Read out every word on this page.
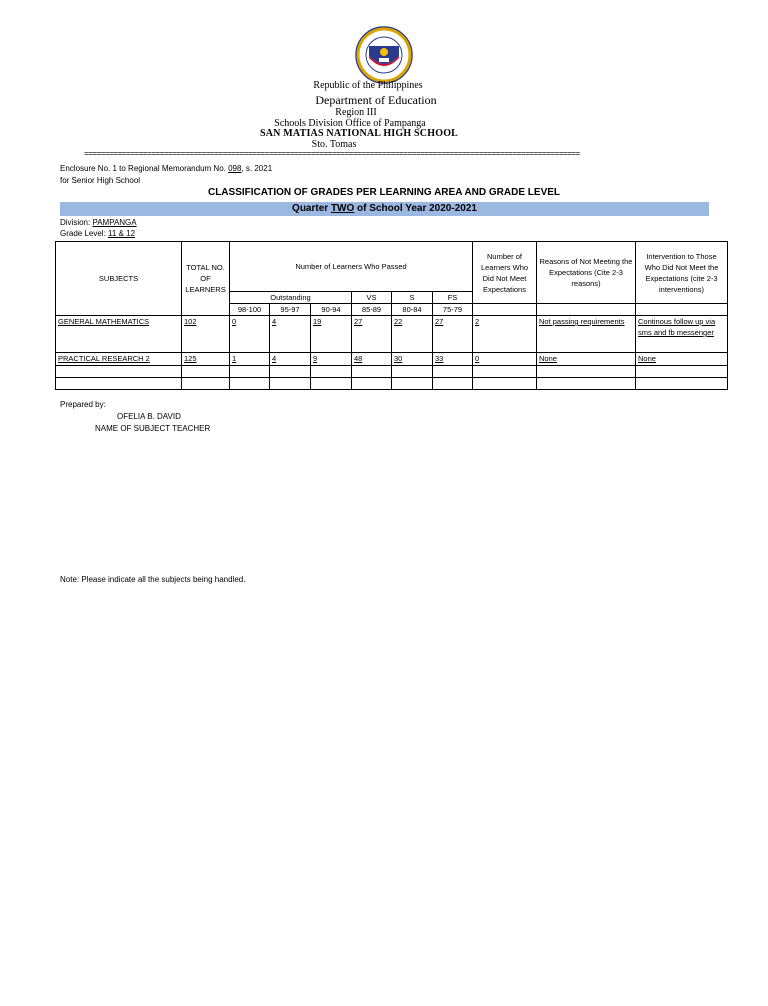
Republic of the Philippines
Department of Education
Region III
Schools Division Office of Pampanga
SAN MATIAS NATIONAL HIGH SCHOOL
Sto. Tomas
======================================================================================================================
Enclosure No. 1 to Regional Memorandum No. 098, s. 2021
for Senior High School
CLASSIFICATION OF GRADES PER LEARNING AREA AND GRADE LEVEL
Quarter TWO of School Year 2020-2021
Division: PAMPANGA
Grade Level: 11 & 12
SUBJECTS	TOTAL NO. OF LEARNERS	Number of Learners Who Passed						Number of Learners Who Did Not Meet Expectations	Reasons of Not Meeting the Expectations (Cite 2-3 reasons)	Intervention to Those Who Did Not Meet the Expectations (cite 2-3 interventions)
		Outstanding			VS	S	FS			
		98-100	95-97	90-94	85-89	80-84	75-79			
GENERAL MATHEMATICS	102	0	4	19	27	22	27	2	Not passing requirements	Continous follow up via sms and fb messenger
PRACTICAL RESEARCH 2	125	1	4	9	48	30	33	0	None	None

Prepared by:
OFELIA B. DAVID
NAME OF SUBJECT TEACHER
Note: Please indicate all the subjects being handled.
